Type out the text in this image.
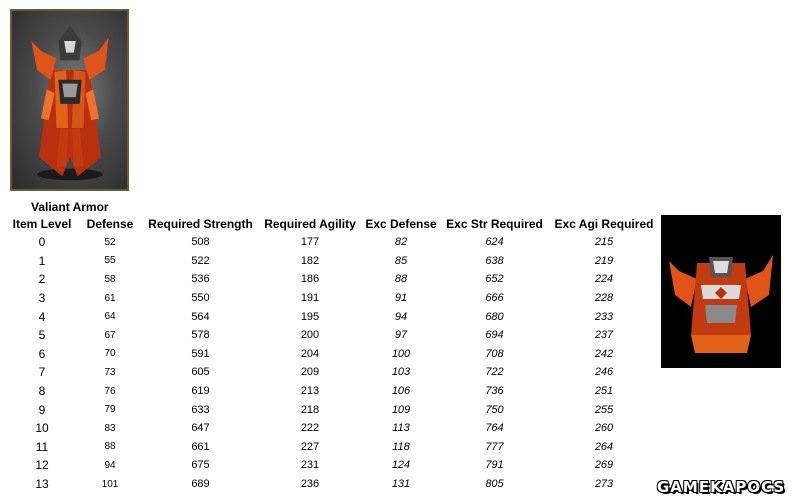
Valiant Armor
Item Level	Defense	Required Strength	Required Agility	Exc Defense	Exc Str Required	Exc Agi Required
0	52	508	177	82	624	215
1	55	522	182	85	638	219
2	58	536	186	88	652	224
3	61	550	191	91	666	228
4	64	564	195	94	680	233
5	67	578	200	97	694	237
6	70	591	204	100	708	242
7	73	605	209	103	722	246
8	76	619	213	106	736	251
9	79	633	218	109	750	255
10	83	647	222	113	764	260
11	88	661	227	118	777	264
12	94	675	231	124	791	269
13	101	689	236	131	805	273	GAMEKAPOCS
